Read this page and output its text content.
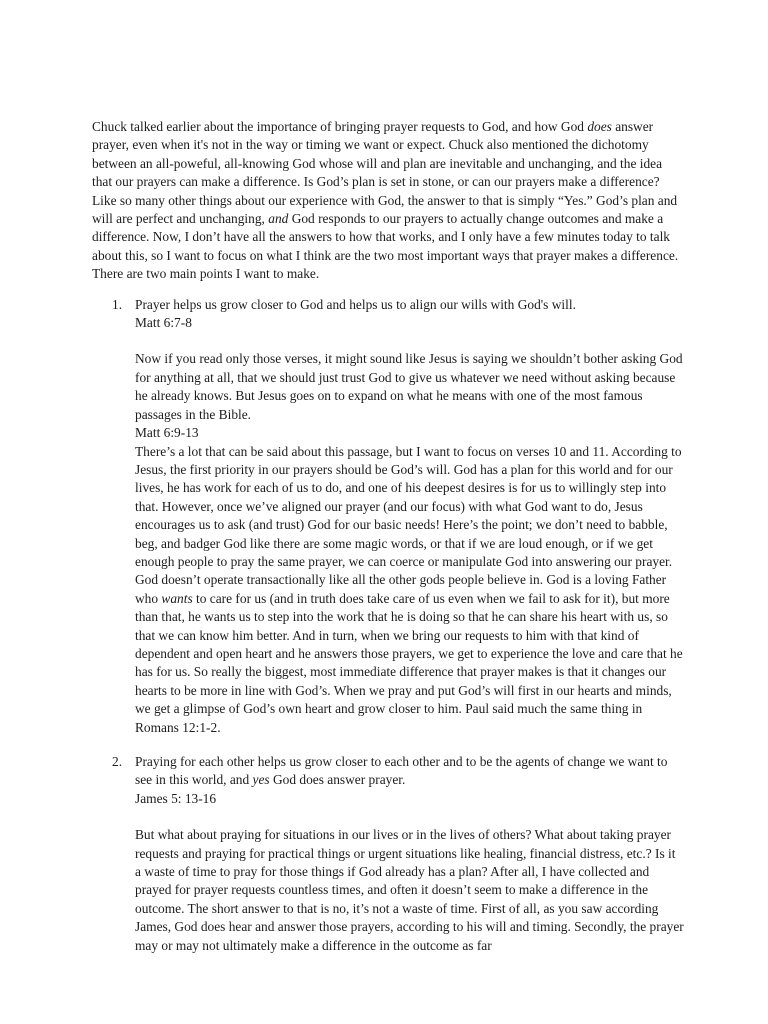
Chuck talked earlier about the importance of bringing prayer requests to God, and how God does answer prayer, even when it's not in the way or timing we want or expect. Chuck also mentioned the dichotomy between an all-poweful, all-knowing God whose will and plan are inevitable and unchanging, and the idea that our prayers can make a difference. Is God’s plan is set in stone, or can our prayers make a difference? Like so many other things about our experience with God, the answer to that is simply “Yes.” God’s plan and will are perfect and unchanging, and God responds to our prayers to actually change outcomes and make a difference. Now, I don’t have all the answers to how that works, and I only have a few minutes today to talk about this, so I want to focus on what I think are the two most important ways that prayer makes a difference. There are two main points I want to make.

1. Prayer helps us grow closer to God and helps us to align our wills with God's will.

Matt 6:7-8

Now if you read only those verses, it might sound like Jesus is saying we shouldn’t bother asking God for anything at all, that we should just trust God to give us whatever we need without asking because he already knows. But Jesus goes on to expand on what he means with one of the most famous passages in the Bible.

Matt 6:9-13

There’s a lot that can be said about this passage, but I want to focus on verses 10 and 11. According to Jesus, the first priority in our prayers should be God’s will. God has a plan for this world and for our lives, he has work for each of us to do, and one of his deepest desires is for us to willingly step into that. However, once we’ve aligned our prayer (and our focus) with what God want to do, Jesus encourages us to ask (and trust) God for our basic needs! Here’s the point; we don’t need to babble, beg, and badger God like there are some magic words, or that if we are loud enough, or if we get enough people to pray the same prayer, we can coerce or manipulate God into answering our prayer. God doesn’t operate transactionally like all the other gods people believe in. God is a loving Father who wants to care for us (and in truth does take care of us even when we fail to ask for it), but more than that, he wants us to step into the work that he is doing so that he can share his heart with us, so that we can know him better. And in turn, when we bring our requests to him with that kind of dependent and open heart and he answers those prayers, we get to experience the love and care that he has for us. So really the biggest, most immediate difference that prayer makes is that it changes our hearts to be more in line with God’s. When we pray and put God’s will first in our hearts and minds, we get a glimpse of God’s own heart and grow closer to him. Paul said much the same thing in Romans 12:1-2.

2. Praying for each other helps us grow closer to each other and to be the agents of change we want to see in this world, and yes God does answer prayer.

James 5: 13-16

But what about praying for situations in our lives or in the lives of others? What about taking prayer requests and praying for practical things or urgent situations like healing, financial distress, etc.? Is it a waste of time to pray for those things if God already has a plan? After all, I have collected and prayed for prayer requests countless times, and often it doesn’t seem to make a difference in the outcome. The short answer to that is no, it’s not a waste of time. First of all, as you saw according James, God does hear and answer those prayers, according to his will and timing. Secondly, the prayer may or may not ultimately make a difference in the outcome as far
